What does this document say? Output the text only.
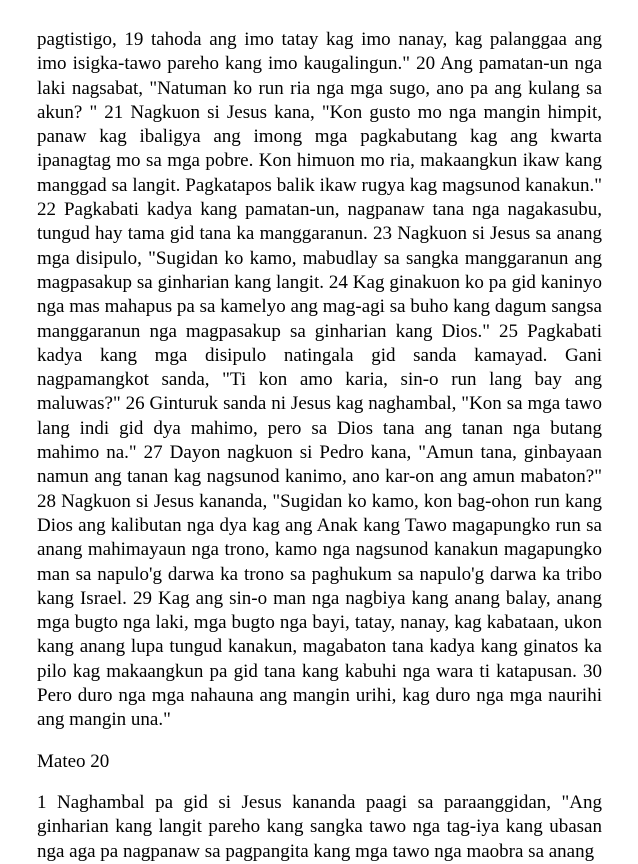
pagtistigo, 19 tahoda ang imo tatay kag imo nanay, kag palanggaa ang imo isigka-tawo pareho kang imo kaugalingun." 20 Ang pamatan-un nga laki nagsabat, "Natuman ko run ria nga mga sugo, ano pa ang kulang sa akun? " 21 Nagkuon si Jesus kana, "Kon gusto mo nga mangin himpit, panaw kag ibaligya ang imong mga pagkabutang kag ang kwarta ipanagtag mo sa mga pobre. Kon himuon mo ria, makaangkun ikaw kang manggad sa langit. Pagkatapos balik ikaw rugya kag magsunod kanakun." 22 Pagkabati kadya kang pamatan-un, nagpanaw tana nga nagakasubu, tungud hay tama gid tana ka manggaranun. 23 Nagkuon si Jesus sa anang mga disipulo, "Sugidan ko kamo, mabudlay sa sangka manggaranun ang magpasakup sa ginharian kang langit. 24 Kag ginakuon ko pa gid kaninyo nga mas mahapus pa sa kamelyo ang mag-agi sa buho kang dagum sangsa manggaranun nga magpasakup sa ginharian kang Dios." 25 Pagkabati kadya kang mga disipulo natingala gid sanda kamayad. Gani nagpamangkot sanda, "Ti kon amo karia, sin-o run lang bay ang maluwas?" 26 Ginturuk sanda ni Jesus kag naghambal, "Kon sa mga tawo lang indi gid dya mahimo, pero sa Dios tana ang tanan nga butang mahimo na." 27 Dayon nagkuon si Pedro kana, "Amun tana, ginbayaan namun ang tanan kag nagsunod kanimo, ano kar-on ang amun mabaton?" 28 Nagkuon si Jesus kananda, "Sugidan ko kamo, kon bag-ohon run kang Dios ang kalibutan nga dya kag ang Anak kang Tawo magapungko run sa anang mahimayaun nga trono, kamo nga nagsunod kanakun magapungko man sa napulo'g darwa ka trono sa paghukum sa napulo'g darwa ka tribo kang Israel. 29 Kag ang sin-o man nga nagbiya kang anang balay, anang mga bugto nga laki, mga bugto nga bayi, tatay, nanay, kag kabataan, ukon kang anang lupa tungud kanakun, magabaton tana kadya kang ginatos ka pilo kag makaangkun pa gid tana kang kabuhi nga wara ti katapusan. 30 Pero duro nga mga nahauna ang mangin urihi, kag duro nga mga naurihi ang mangin una."

Mateo 20

1 Naghambal pa gid si Jesus kananda paagi sa paraanggidan, "Ang ginharian kang langit pareho kang sangka tawo nga tag-iya kang ubasan nga aga pa nagpanaw sa pagpangita kang mga tawo nga maobra sa anang
